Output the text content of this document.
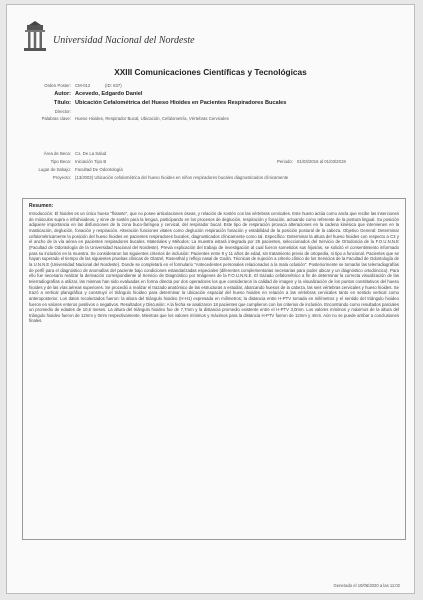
Universidad Nacional del Nordeste
XXIII Comunicaciones Científicas y Tecnológicas
Orden Poster: CM-012	(ID: 837)
Autor: Acevedo, Edgardo Daniel
Título: Ubicación Cefalométrica del Hueso Hioides en Pacientes Respiradores Bucales
Director:
Palabras clave: Hueso Hioides, Respirador Bucal, Ubicación, Cefalometría, Vértebras Cervicales
Área de Beca: Cs. De La Salud
Tipo Beca: Iniciación Tipo B	Periodo: 01/03/2016 al 01/03/2019
Lugar de trabajo: Facultad De Odontología
Proyecto: (13/J002) Ubicación cefalométrica del hueso hioides en niños respiradores bucales diagnosticados clínicamente
Resumen:

Introducción: El hioides es un único hueso "flotante", que no posee articulaciones óseas, y relación de sostén con las vértebras cervicales. Este hueso actúa como ancla que recibe las inserciones de músculos supra e infrahioideos, y sirve de sostén para la lengua, participando en los procesos de deglución, respiración y fonación, actuando como referente de la postura lingual. Su posición adquiere importancia en las disfunciones de la zona buco-faríngea y cervical, del respirador bucal. Este tipo de respiración provoca alteraciones en la cadena kinésica que intervienen en la masticación, deglución, fonación y respiración. Alteración funciones vitales como deglución respiración fonación y estabilidad de la posición postural de la cabeza. Objetivo General: Determinar cefalométricamente la posición del hueso hioides en pacientes respiradores bucales, diagnosticados clínicamente como tal. Específico: Determinar la altura del hueso hioides con respecto a C3 y el ancho de la vía aérea en pacientes respiradores bucales. Materiales y Métodos: La muestra estará integrada por 25 pacientes, seleccionados del Servicio de Ortodoncia de la F.O.U.N.N.E (Facultad de Odontología de la Universidad Nacional del Nordeste). Previa explicación del trabajo de investigación al cual fueron sometidos sus hijos/as, se solicitó el consentimiento informado para su inclusión en la muestra. Se consideraron los siguientes criterios de inclusión: Pacientes entre 9 y 11 años de edad, sin tratamiento previo de ortopedia, ni tipo a funcional. Pacientes que se hayan superado el tiempo de las siguientes pruebas clínicas de Glatzel, Rosenthal y reflejo nasal de Godin. Técnicas de sujeción a criterio clínico de los Servicios de la Facultad de Odontología de la U.N.N.E (Universidad Nacional del Nordeste). Donde se completará en el formulario "Antecedentes personales relacionados a la mala oclusión". Posteriormente se tomarán las telerradiografías de perfil para el diagnóstico de anomalías del paciente bajo condiciones estandarizadas especiales (diferentes complementarias necesarias para poder ubicar y un diagnóstico ortodóncico). Para ello fue necesario realizar la derivación correspondiente al Servicio de Diagnóstico por Imágenes de la F.O.U.N.N.E. El trazado cefalométrico a fin de determinar la correcta visualización de las telerradiografías a utilizar, las mismas han sido evaluadas en forma directa por dos operadores los que consideraron la calidad de imagen y la visualización de los puntos constitutivos del hueso hioides y de las vías aéreas superiores. Se procedió a realizar el trazado anatómico de las estructuras a estudiar, abarcando huesos de la cabeza, las seis vértebras cervicales y hueso hioides. Se trazó a vertical planigráfica y construyó el triángulo hioideo para determinar la ubicación espacial del hueso hioides en relación a las vértebras cervicales tanto en sentido vertical como anteroposterior. Los datos recolectados fueron: la altura del triángulo hioideo (H-H1) expresada en milímetros; la distancia entre H-PTV tomada en milímetros y el sentido del triángulo hioideo fueron en valores enteros positivos o negativos. Resultados y Discusión: A la fecha se analizaron 18 pacientes que cumplieron con los criterios de inclusión. Encontrando como resultados parciales un promedio de edades de 10,6 meses. La altura del triángulo hioideo fue de 7,7mm y la distancia promedio existente entre el H-PTV 3,0mm. Los valores mínimos y máximos de la altura del triángulo hioideo fueron de 12mm y 0mm respectivamente. Mientras que los valores mínimos y máximos para la distancia H-PTV fueron de 12mm y 4mm. Aún no se puede arribar a conclusiones finales.

Generado el 10/06/2020 a las 11:02
